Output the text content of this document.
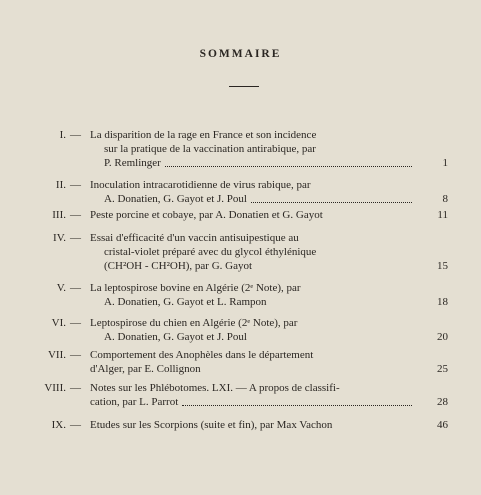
SOMMAIRE
I. — La disparition de la rage en France et son incidence
sur la pratique de la vaccination antirabique, par
P. Remlinger	1
II. — Inoculation intracarotidienne de virus rabique, par
A. Donatien, G. Gayot et J. Poul	8
III. — Peste porcine et cobaye, par A. Donatien et G. Gayot	11
IV. — Essai d'efficacité d'un vaccin antisuipestique au
cristal-violet préparé avec du glycol éthylénique
(CH²OH - CH²OH), par G. Gayot	15
V. — La leptospirose bovine en Algérie (2ᵉ Note), par
A. Donatien, G. Gayot et L. Rampon	18
VI. — Leptospirose du chien en Algérie (2ᵉ Note), par
A. Donatien, G. Gayot et J. Poul	20
VII. — Comportement des Anophèles dans le département
d'Alger, par E. Collignon	25
VIII. — Notes sur les Phlébotomes. LXI. — A propos de classifi-
cation, par L. Parrot	28
IX. — Etudes sur les Scorpions (suite et fin), par Max Vachon	46
